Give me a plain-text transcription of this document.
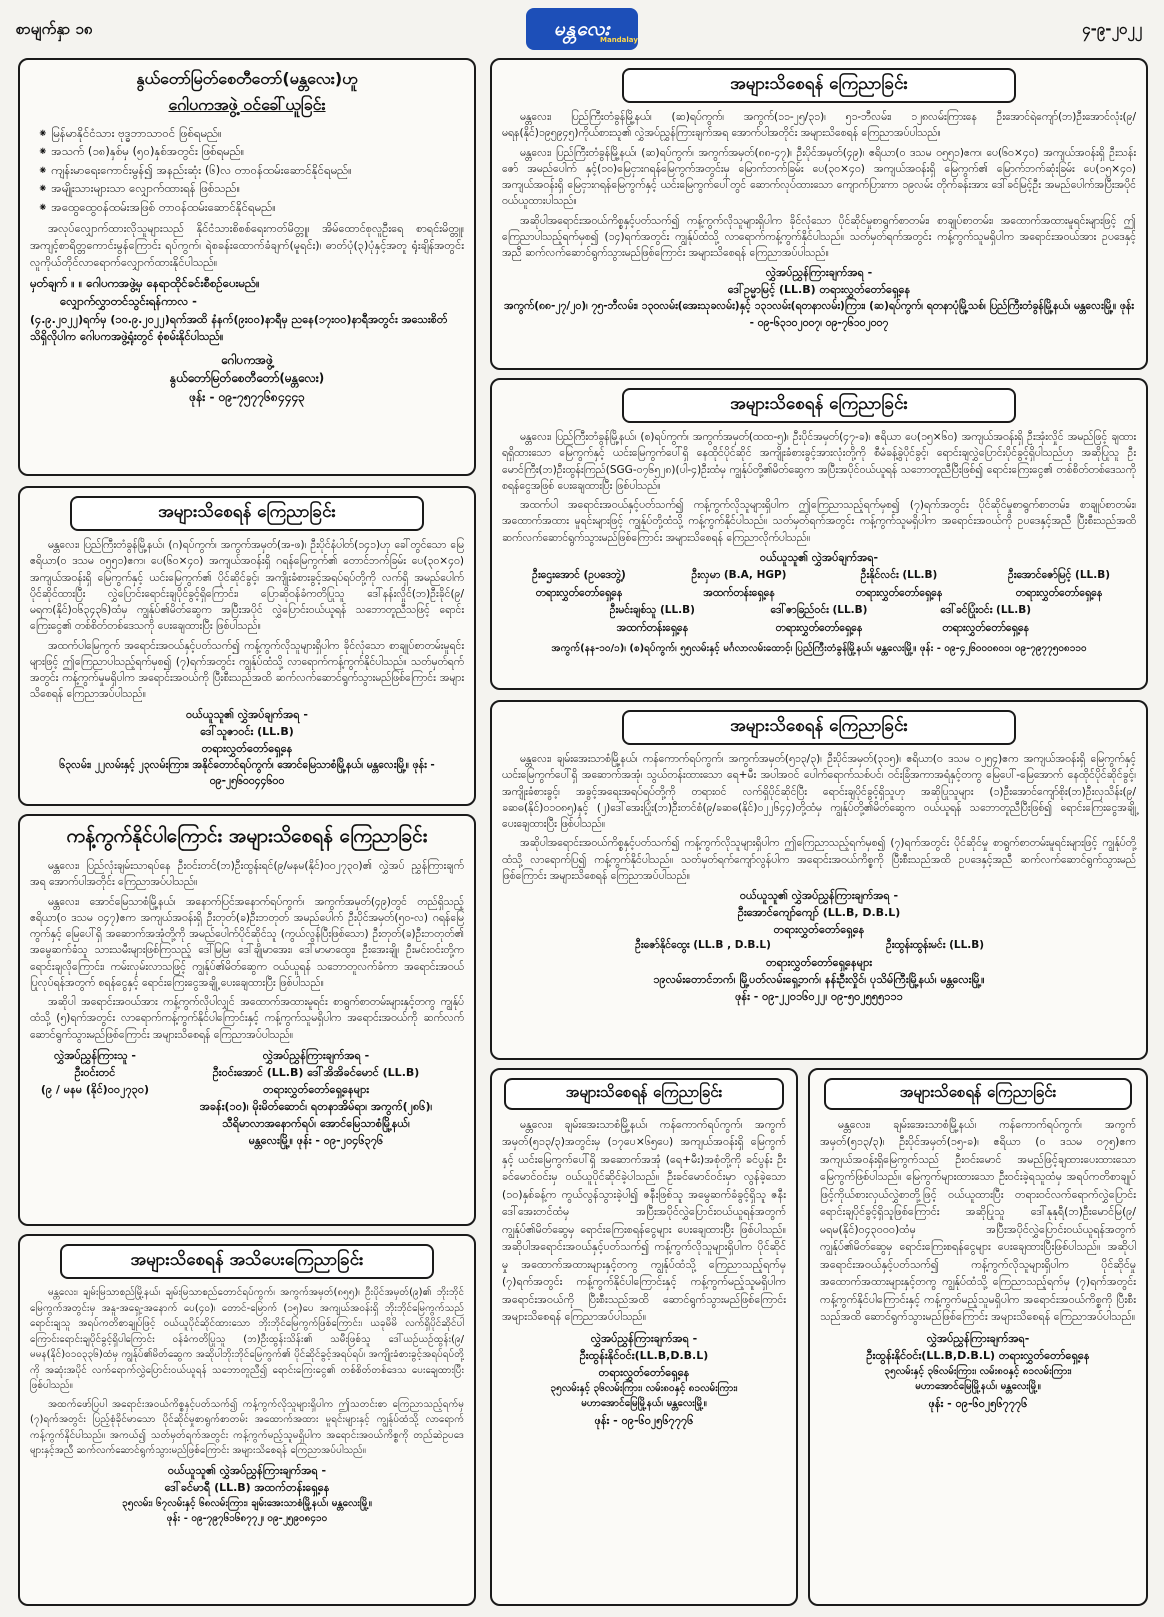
စာမျက်နှာ ၁၈	မန္တလေး
Mandalay
၄-၉-၂၀၂၂
နွယ်တော်မြတ်စေတီတော်(မန္တလေး)ဟူ
ဂေါပကအဖွဲ့ ဝင်ခေါ်ယူခြင်း

⁕ မြန်မာနိုင်ငံသား ဗုဒ္ဓဘာသာဝင် ဖြစ်ရမည်။

⁕ အသက် (၁၈)နှစ်မှ (၅၀)နှစ်အတွင်း ဖြစ်ရမည်။

⁕ ကျန်းမာရေးကောင်းမွန်၍ အနည်းဆုံး (၆)လ တာဝန်ထမ်းဆောင်နိုင်ရမည်။

⁕ အမျိုးသားများသာ လျှောက်ထားရန် ဖြစ်သည်။

⁕ အထွေထွေဝန်ထမ်းအဖြစ် တာဝန်ထမ်းဆောင်နိုင်ရမည်။

အလုပ်လျှောက်ထားလိုသူများသည် နိုင်ငံသားစိစစ်ရေးကတ်မိတ္တူ၊ အိမ်ထောင်စုလူဦးရေ စာရင်းမိတ္တူ၊ အကျင့်စာရိတ္တကောင်းမွန်ကြောင်း ရပ်ကွက်၊ ရဲစခန်းထောက်ခံချက်(မူရင်း)၊ ဓာတ်ပုံ(၃)ပုံနှင့်အတူ ရုံးချိန်အတွင်း လူကိုယ်တိုင်လာရောက်လျှောက်ထားနိုင်ပါသည်။

မှတ်ချက် ။ ။ ဂေါပကအဖွဲ့မှ နေရာထိုင်ခင်းစီစဉ်ပေးမည်။

လျှောက်လွှာတင်သွင်းရန်ကာလ -

(၄.၉.၂၀၂၂)ရက်မှ (၁၀.၉.၂၀၂၂)ရက်အထိ နံနက်(၉း၀၀)နာရီမှ ညနေ(၁၇း၀၀)နာရီအတွင်း အသေးစိတ်သိရှိလိုပါက ဂေါပကအဖွဲ့ရုံးတွင် စုံစမ်းနိုင်ပါသည်။

ဂေါပကအဖွဲ့

နွယ်တော်မြတ်စေတီတော်(မန္တလေး)

ဖုန်း - ၀၉-၇၅၇၇၆၈၄၄၄၃

အများသိစေရန် ကြေညာခြင်း

မန္တလေး၊ ပြည်ကြီးတံခွန်မြို့နယ်၊ (ဆ)ရပ်ကွက်၊ အကွက်(၁၁-၂၅/၃၁)၊ ၅၁-ဘီလမ်း၊ ၁၂၈လမ်းကြားနေ ဦးအောင်ရဲကျော်(ဘ)ဦးအောင်လုံး(၉/မရန(နိုင်)၁၉၅၉၄၅)ကိုယ်စားသူ၏ လွှဲအပ်ညွှန်ကြားချက်အရ အောက်ပါအတိုင်း အများသိစေရန် ကြေညာအပ်ပါသည်။

မန္တလေး၊ ပြည်ကြီးတံခွန်မြို့နယ်၊ (ဆ)ရပ်ကွက်၊ အကွက်အမှတ်(၈၈-၄၇)၊ ဦးပိုင်အမှတ်(၄၉)၊ ဧရိယာ(၀ ဒသမ ၀၅၅၁)ဧက၊ ပေ(၆၀×၄၀) အကျယ်အဝန်းရှိ ဦးသန်းဇော် အမည်ပေါက် နှင့်(၁၀)မြေငှားဂရန်မြေကွက်အတွင်းမှ မြောက်ဘက်ခြမ်း ပေ(၃၀×၄၀) အကျယ်အဝန်းရှိ မြေကွက်၏ မြောက်ဘက်ဆုံးခြမ်း ပေ(၁၅×၄၀) အကျယ်အဝန်းရှိ မြေငှားဂရန်မြေကွက်နှင့် ယင်းမြေကွက်ပေါ်တွင် ဆောက်လုပ်ထားသော ကျောက်ပြားကာ ၁၉လမ်း တိုက်ခန်းအား ဒေါ်ခင်မြင့်ဦး အမည်ပေါက်အပြီးအပိုင်ဝယ်ယူထားပါသည်။

အဆိုပါအရောင်းအဝယ်ကိစ္စနှင့်ပတ်သက်၍ ကန့်ကွက်လိုသူများရှိပါက ခိုင်လုံသော ပိုင်ဆိုင်မှုစာရွက်စာတမ်း၊ စာချုပ်စာတမ်း၊ အထောက်အထားမူရင်းများဖြင့် ဤကြေညာပါသည့်ရက်မှစ၍ (၁၄)ရက်အတွင်း ကျွန်ုပ်ထံသို့ လာရောက်ကန့်ကွက်နိုင်ပါသည်။ သတ်မှတ်ရက်အတွင်း ကန့်ကွက်သူမရှိပါက အရောင်းအဝယ်အား ဥပဒေနှင့်အညီ ဆက်လက်ဆောင်ရွက်သွားမည်ဖြစ်ကြောင်း အများသိစေရန် ကြေညာအပ်ပါသည်။

လွှဲအပ်ညွှန်ကြားချက်အရ -

ဒေါ်ဥမ္မာမြင့် (LL.B) တရားလွှတ်တော်ရှေ့နေ

အကွက်(၈၈-၂၇/၂၀)၊ ၇၅-ဘီလမ်း၊ ၁၃၀လမ်း(အေးသုခလမ်း)နှင့် ၁၃၁လမ်း(ရတနာလမ်း)ကြား၊ (ဆ)ရပ်ကွက်၊ ရတနာပုံမြို့သစ်၊ ပြည်ကြီးတံခွန်မြို့နယ်၊ မန္တလေးမြို့။ ဖုန်း - ၀၉-၆၃၁၀၂၀၀၇၊ ၀၉-၇၆၁၀၂၀၀၇

အများသိစေရန် ကြေညာခြင်း

မန္တလေး၊ ပြည်ကြီးတံခွန်မြို့နယ်၊ (စ)ရပ်ကွက်၊ အကွက်အမှတ်(ထထ-၅)၊ ဦးပိုင်အမှတ်(၄၇-ခ)၊ ဧရိယာ ပေ(၁၅×၆၀) အကျယ်အဝန်းရှိ ဦးအုံးလှိုင် အမည်ဖြင့် ချထားရရှိထားသော မြေကွက်နှင့် ယင်းမြေကွက်ပေါ်ရှိ နေထိုင်ပိုင်ဆိုင် အကျိုးခံစားခွင့်အားလုံးတို့ကို စီမံခန့်ခွဲပိုင်ခွင့်၊ ရောင်းချလွှဲပြောင်းပိုင်ခွင့်ရှိပါသည်ဟု အဆိုပြုသူ ဦးမောင်ကြီး(ဘ)ဦးထွန်းကြည်(SGG-၀၇၆၅၂၈)(ပါ-၄)ဦးထံမှ ကျွန်ုပ်တို့၏မိတ်ဆွေက အပြီးအပိုင်ဝယ်ယူရန် သဘောတူညီပြီးဖြစ်၍ ရောင်းကြေးငွေ၏ တစ်စိတ်တစ်ဒေသကို စရန်ငွေအဖြစ် ပေးချေထားပြီး ဖြစ်ပါသည်။

အထက်ပါ အရောင်းအဝယ်နှင့်ပတ်သက်၍ ကန့်ကွက်လိုသူများရှိပါက ဤကြေညာသည့်ရက်မှစ၍ (၇)ရက်အတွင်း ပိုင်ဆိုင်မှုစာရွက်စာတမ်း၊ စာချုပ်စာတမ်း၊ အထောက်အထား မူရင်းများဖြင့် ကျွန်ုပ်တို့ထံသို့ ကန့်ကွက်နိုင်ပါသည်။ သတ်မှတ်ရက်အတွင်း ကန့်ကွက်သူမရှိပါက အရောင်းအဝယ်ကို ဥပဒေနှင့်အညီ ပြီးစီးသည်အထိ ဆက်လက်ဆောင်ရွက်သွားမည်ဖြစ်ကြောင်း အများသိစေရန် ကြေညာလိုက်ပါသည်။

ဝယ်ယူသူ၏ လွှဲအပ်ချက်အရ-

ဦးဌေးအောင် (ဥပဒေဘွဲ့)	ဦးလှမာ (B.A, HGP)	ဦးနိုင်လင်း (LL.B)	ဦးအောင်ဇော်မြင့် (LL.B)
တရားလွှတ်တော်ရှေ့နေ	အထက်တန်းရှေ့နေ	တရားလွှတ်တော်ရှေ့နေ	တရားလွှတ်တော်ရှေ့နေ
ဦးမင်းချစ်သူ (LL.B)	ဒေါ်ဇာခြည်ဝင်း (LL.B)	ဒေါ်ခင်ပြုံးဝင်း (LL.B)
အထက်တန်းရှေ့နေ	တရားလွှတ်တော်ရှေ့နေ	တရားလွှတ်တော်ရှေ့နေ

အကွက်(နန-၁၀/၁)၊ (စ)ရပ်ကွက်၊ ၅၅လမ်းနှင့် မင်္ဂလာလမ်းထောင့်၊ ပြည်ကြီးတံခွန်မြို့နယ်၊ မန္တလေးမြို့။ ဖုန်း - ၀၉-၄၂၆၀၀၀၈၀၁၊ ၀၉-၇၉၇၇၅၀၈၁၁၀

အများသိစေရန် ကြေညာခြင်း

မန္တလေး၊ ပြည်ကြီးတံခွန်မြို့နယ်၊ (ဂ)ရပ်ကွက်၊ အကွက်အမှတ်(အ-ဖ)၊ ဦးပိုင်နံပါတ်(၁၄၁)ဟု ခေါ်တွင်သော မြေဧရိယာ(၀ ဒသမ ၀၅၅၁)ဧက၊ ပေ(၆၀×၄၀) အကျယ်အဝန်းရှိ ဂရန်မြေကွက်၏ တောင်ဘက်ခြမ်း ပေ(၃၀×၄၀) အကျယ်အဝန်းရှိ မြေကွက်နှင့် ယင်းမြေကွက်၏ ပိုင်ဆိုင်ခွင့်၊ အကျိုးခံစားခွင့်အရပ်ရပ်တို့ကို လက်ရှိ အမည်ပေါက်ပိုင်ဆိုင်ထားပြီး လွှဲပြောင်းရောင်းချပိုင်ခွင့်ရှိကြောင်း၊ ပြောဆိုဝန်ခံကတိပြုသူ ဒေါ်နန်းလှိုင်(ဘ)ဦးခိုင်(၉/မရက(နိုင်)၀၆၃၄၃၆)ထံမှ ကျွန်ုပ်၏မိတ်ဆွေက အပြီးအပိုင် လွှဲပြောင်းဝယ်ယူရန် သဘောတူညီသဖြင့် ရောင်းကြေးငွေ၏ တစ်စိတ်တစ်ဒေသကို ပေးချေထားပြီး ဖြစ်ပါသည်။

အထက်ပါမြေကွက် အရောင်းအဝယ်နှင့်ပတ်သက်၍ ကန့်ကွက်လိုသူများရှိပါက ခိုင်လုံသော စာချုပ်စာတမ်းမူရင်းများဖြင့် ဤကြေညာပါသည့်ရက်မှစ၍ (၇)ရက်အတွင်း ကျွန်ုပ်ထံသို့ လာရောက်ကန့်ကွက်နိုင်ပါသည်။ သတ်မှတ်ရက်အတွင်း ကန့်ကွက်မှုမရှိပါက အရောင်းအဝယ်ကို ပြီးစီးသည်အထိ ဆက်လက်ဆောင်ရွက်သွားမည်ဖြစ်ကြောင်း အများသိစေရန် ကြေညာအပ်ပါသည်။

ဝယ်ယူသူ၏ လွှဲအပ်ချက်အရ -

ဒေါ်သူဇာဝင်း (LL.B)

တရားလွှတ်တော်ရှေ့နေ

၆၃လမ်း၊ ၂၂လမ်းနှင့် ၂၃လမ်းကြား၊ အနိုင်တောင်ရပ်ကွက်၊ အောင်မြေသာစံမြို့နယ်၊ မန္တလေးမြို့။ ဖုန်း - ၀၉-၂၅၆၀၀၄၄၆၀၀

အများသိစေရန် ကြေညာခြင်း

မန္တလေး၊ ချမ်းအေးသာစံမြို့နယ်၊ ကန်ကောက်ရပ်ကွက်၊ အကွက်အမှတ်(၅၁၃/၃)၊ ဦးပိုင်အမှတ်(၃၁၅)၊ ဧရိယာ(၀ ဒသမ ၀၂၅၄)ဧက အကျယ်အဝန်းရှိ မြေကွက်နှင့် ယင်းမြေကွက်ပေါ်ရှိ အဆောက်အအုံ၊ သွယ်တန်းထားသော ရေ+မီး အပါအဝင် ပေါက်ရောက်သစ်ပင်၊ ဝင်းခြံအကာအရံနှင့်တကွ မြေပေါ်-မြေအောက် နေထိုင်ပိုင်ဆိုင်ခွင့်၊ အကျိုးခံစားခွင့်၊ အခွင့်အရေးအရပ်ရပ်တို့ကို တရားဝင် လက်ရှိပိုင်ဆိုင်ပြီး ရောင်းချပိုင်ခွင့်ရှိသူဟု အဆိုပြုသူများ (၁)ဦးအောင်ကျော်စိုး(ဘ)ဦးလှသိန်း(၉/ခဆဓ(နိုင်)၀၁၀၈၅)နှင့် (၂)ဒေါ်အေးပြုံး(ဘ)ဦးတင်စံ(၉/ခဆဓ(နိုင်)၀၂၂၆၄၄)တို့ထံမှ ကျွန်ုပ်တို့၏မိတ်ဆွေက ဝယ်ယူရန် သဘောတူညီပြီးဖြစ်၍ ရောင်းကြေးငွေအချို့ ပေးချေထားပြီး ဖြစ်ပါသည်။

အဆိုပါအရောင်းအဝယ်ကိစ္စနှင့်ပတ်သက်၍ ကန့်ကွက်လိုသူများရှိပါက ဤကြေညာသည့်ရက်မှစ၍ (၇)ရက်အတွင်း ပိုင်ဆိုင်မှု စာရွက်စာတမ်းမူရင်းများဖြင့် ကျွန်ုပ်တို့ထံသို့ လာရောက်ပြ၍ ကန့်ကွက်နိုင်ပါသည်။ သတ်မှတ်ရက်ကျော်လွန်ပါက အရောင်းအဝယ်ကိစ္စကို ပြီးစီးသည်အထိ ဥပဒေနှင့်အညီ ဆက်လက်ဆောင်ရွက်သွားမည်ဖြစ်ကြောင်း အများသိစေရန် ကြေညာအပ်ပါသည်။

ဝယ်ယူသူ၏ လွှဲအပ်ညွှန်ကြားချက်အရ -

ဦးအောင်ကျော်ကျော် (LL.B, D.B.L)

တရားလွှတ်တော်ရှေ့နေ

ဦးဇော်နိုင်ထွေး (LL.B , D.B.L)	ဦးထွန်းထွန်းမင်း (LL.B)

တရားလွှတ်တော်ရှေ့နေများ

၁၉လမ်းတောင်ဘက်၊ မြို့ပတ်လမ်းရှေ့ဘက်၊ နန်းဦးလှိုင်၊ ပုသိမ်ကြီးမြို့နယ်၊ မန္တလေးမြို့။

ဖုန်း - ၀၉-၂၂၀၁၆၀၂၂၊ ၀၉-၅၀၂၅၅၅၁၁၁

ကန့်ကွက်နိုင်ပါကြောင်း အများသိစေရန် ကြေညာခြင်း

မန္တလေး၊ ပြည်လုံးချမ်းသာရပ်နေ ဦးဝင်းတင်(ဘ)ဦးထွန်းရင်(၉/မနမ(နိုင်)၀၀၂၇၃၀)၏ လွှဲအပ် ညွှန်ကြားချက်အရ အောက်ပါအတိုင်း ကြေညာအပ်ပါသည်။

မန္တလေး၊ အောင်မြေသာစံမြို့နယ်၊ အနောက်ပြင်အနောက်ရပ်ကွက်၊ အကွက်အမှတ်(၄၉)တွင် တည်ရှိသည့် ဧရိယာ(၀ ဒသမ ၀၄၇)ဧက အကျယ်အဝန်းရှိ ဦးတုတ်(ခ)ဦးဘတုတ် အမည်ပေါက် ဦးပိုင်အမှတ်(၅၀-လ) ဂရန်မြေကွက်နှင့် မြေပေါ်ရှိ အဆောက်အအုံတို့ကို အမည်ပေါက်ပိုင်ဆိုင်သူ (ကွယ်လွန်ပြီးဖြစ်သော) ဦးတုတ်(ခ)ဦးဘတုတ်၏ အမွေဆက်ခံသူ သားသမီးများဖြစ်ကြသည့် ဒေါ်မြမြ၊ ဒေါ်ချိုမာအေး၊ ဒေါ်မာမာထွေး၊ ဦးအေးချို၊ ဦးမင်းဝင်းတို့က ရောင်းချလိုကြောင်း၊ ကမ်းလှမ်းလာသဖြင့် ကျွန်ုပ်၏မိတ်ဆွေက ဝယ်ယူရန် သဘောတူလက်ခံကာ အရောင်းအဝယ်ပြုလုပ်ရန်အတွက် စရန်ငွေနှင့် ရောင်းကြေးငွေအချို့ ပေးချေထားပြီး ဖြစ်ပါသည်။

အဆိုပါ အရောင်းအဝယ်အား ကန့်ကွက်လိုပါလျှင် အထောက်အထားမူရင်း စာရွက်စာတမ်းများနှင့်တကွ ကျွန်ုပ်ထံသို့ (၅)ရက်အတွင်း လာရောက်ကန့်ကွက်နိုင်ပါကြောင်းနှင့် ကန့်ကွက်သူမရှိပါက အရောင်းအဝယ်ကို ဆက်လက်ဆောင်ရွက်သွားမည်ဖြစ်ကြောင်း အများသိစေရန် ကြေညာအပ်ပါသည်။

လွှဲအပ်ညွှန်ကြားသူ -

ဦးဝင်းတင်

(၉ / မနမ (နိုင်)၀၀၂၇၃၀)

လွှဲအပ်ညွှန်ကြားချက်အရ -

ဦးဝင်းအောင် (LL.B) ဒေါ်အိအိခင်မောင် (LL.B)

တရားလွှတ်တော်ရှေ့နေများ

အခန်း(၁၀)၊ မိုးမိတ်ဆောင်၊ ရတနာအိမ်ရာ၊ အကွက်(၂၈၆)၊

သီရိမာလာအနောက်ရပ်၊ အောင်မြေသာစံမြို့နယ်၊

မန္တလေးမြို့။ ဖုန်း - ၀၉-၂၀၄၆၃၇၆

အများသိစေရန် အသိပေးကြေညာခြင်း

မန္တလေး၊ ချမ်းမြသာစည်မြို့နယ်၊ ချမ်းမြသာစည်တောင်ရပ်ကွက်၊ အကွက်အမှတ်(၈၅၅)၊ ဦးပိုင်အမှတ်(၉)၏ ဘိုးဘိုင်မြေကွက်အတွင်းမှ အနူ-အရှေ့-အနောက် ပေ(၄၀)၊ တောင်-မြောက် (၁၅)ပေ အကျယ်အဝန်းရှိ ဘိုးဘိုင်မြေကွက်သည် ရောင်းချသူ အရပ်ကတိစာချုပ်ဖြင့် ဝယ်ယူပိုင်ဆိုင်ထားသော ဘိုးဘိုင်မြေကွက်ဖြစ်ကြောင်း၊ ယခုမိမိ လက်ရှိပိုင်ဆိုင်ပါကြောင်းရောင်းချပိုင်ခွင့်ရှိပါကြောင်း ဝန်ခံကတိပြုသူ (ဘ)ဦးထွန်းသိန်း၏ သမီးဖြစ်သူ ဒေါ်ယဉ်ယဉ်ထွန်း(၉/မမန(နိုင်)၀၁၀၃၃၆)ထံမှ ကျွန်ုပ်၏မိတ်ဆွေက အဆိုပါဘိုးဘိုင်မြေကွက်၏ ပိုင်ဆိုင်ခွင့်အရပ်ရပ်၊ အကျိုးခံစားခွင့်အရပ်ရပ်တို့ကို အဆုံးအပိုင် လက်ရောက်လွှဲပြောင်းဝယ်ယူရန် သဘောတူညီ၍ ရောင်းကြေးငွေ၏ တစ်စိတ်တစ်ဒေသ ပေးချေထားပြီး ဖြစ်ပါသည်။

အထက်ဖော်ပြပါ အရောင်းအဝယ်ကိစ္စနှင့်ပတ်သက်၍ ကန့်ကွက်လိုသူများရှိပါက ဤသတင်းစာ ကြေညာသည့်ရက်မှ (၇)ရက်အတွင်း ပြည့်စုံခိုင်မာသော ပိုင်ဆိုင်မှုစာရွက်စာတမ်း အထောက်အထား မူရင်းများနှင့် ကျွန်ုပ်ထံသို့ လာရောက်ကန့်ကွက်နိုင်ပါသည်။ အကယ်၍ သတ်မှတ်ရက်အတွင်း ကန့်ကွက်မည့်သူမရှိပါက အရောင်းအဝယ်ကိစ္စကို တည်ဆဲဥပဒေများနှင့်အညီ ဆက်လက်ဆောင်ရွက်သွားမည်ဖြစ်ကြောင်း အများသိစေရန် ကြေညာအပ်ပါသည်။

ဝယ်ယူသူ၏ လွှဲအပ်ညွှန်ကြားချက်အရ -

ဒေါ်ခင်မာရီ (LL.B) အထက်တန်းရှေ့နေ

၃၅လမ်း၊ ၆၇လမ်းနှင့် ၆၈လမ်းကြား၊ ချမ်းအေးသာစံမြို့နယ်၊ မန္တလေးမြို့။

ဖုန်း - ၀၉-၇၉၇၆၁၆၈၇၇၂၊ ၀၉-၂၅၉၀၈၄၁၀

အများသိစေရန် ကြေညာခြင်း

မန္တလေး၊ ချမ်းအေးသာစံမြို့နယ်၊ ကန်ကောက်ရပ်ကွက်၊ အကွက်အမှတ်(၅၁၃/၃)အတွင်းမှ (၁၇ပေ×၆၅ပေ) အကျယ်အဝန်းရှိ မြေကွက်နှင့် ယင်းမြေကွက်ပေါ်ရှိ အဆောက်အအုံ (ရေ+မီး)အစုံတို့ကို ခင်ပွန်း ဦးခင်မောင်ဝင်းမှ ဝယ်ယူပိုင်ဆိုင်ခဲ့ပါသည်။ ဦးခင်မောင်ဝင်းမှာ လွန်ခဲ့သော (၁၀)နှစ်ခန့်က ကွယ်လွန်သွားခဲ့ပါ၍ ဇနီးဖြစ်သူ အမွေဆက်ခံခွင့်ရှိသူ ဇနီး ဒေါ်အေးတင်ထံမှ အပြီးအပိုင်လွှဲပြောင်းဝယ်ယူရန်အတွက် ကျွန်ုပ်၏မိတ်ဆွေမှ ရောင်းကြေးစရန်ငွေများ ပေးချေထားပြီး ဖြစ်ပါသည်။ အဆိုပါအရောင်းအဝယ်နှင့်ပတ်သက်၍ ကန့်ကွက်လိုသူများရှိပါက ပိုင်ဆိုင်မှု အထောက်အထားများနှင့်တကွ ကျွန်ုပ်ထံသို့ ကြေညာသည့်ရက်မှ (၇)ရက်အတွင်း ကန့်ကွက်နိုင်ပါကြောင်းနှင့် ကန့်ကွက်မည့်သူမရှိပါက အရောင်းအဝယ်ကို ပြီးစီးသည်အထိ ဆောင်ရွက်သွားမည်ဖြစ်ကြောင်း အများသိစေရန် ကြေညာအပ်ပါသည်။

လွှဲအပ်ညွှန်ကြားချက်အရ -

ဦးထွန်းနိုင်ဝင်း(LL.B,D.B.L)

တရားလွှတ်တော်ရှေ့နေ

၃၅လမ်းနှင့် ၃၆လမ်းကြား၊ လမ်း၈၀နှင့် ၈၁လမ်းကြား၊

မဟာအောင်မြေမြို့နယ်၊ မန္တလေးမြို့။

ဖုန်း - ၀၉-၆၀၂၅၆၇၇၇၆

အများသိစေရန် ကြေညာခြင်း

မန္တလေး၊ ချမ်းအေးသာစံမြို့နယ်၊ ကန်ကောက်ရပ်ကွက်၊ အကွက်အမှတ်(၅၁၃/၃)၊ ဦးပိုင်အမှတ်(၁၅-ခ)၊ ဧရိယာ (၀ ဒသမ ၀၇၅)ဧက အကျယ်အဝန်းရှိမြေကွက်သည် ဦးဝင်းမောင် အမည်ဖြင့်ချထားပေးထားသော မြေကွက်ဖြစ်ပါသည်။ မြေကွက်များထားသော ဦးဝင်းခဲ့ရသူထံမှ အရပ်ကတိစာချုပ်ဖြင့်ကိုယ်စားလှယ်လွှဲစာတို့ဖြင့် ဝယ်ယူထားပြီး တရားဝင်လက်ရောက်လွှဲပြောင်းရောင်းချပိုင်ခွင့်ရှိသူဖြစ်ကြောင်း အဆိုပြုသူ ဒေါ်နုနုရီ(ဘ)ဦးမောင်မြ(၉/မရမ(နိုင်)၀၄၃၀၀၀)ထံမှ အပြီးအပိုင်လွှဲပြောင်းဝယ်ယူရန်အတွက် ကျွန်ုပ်၏မိတ်ဆွေမှ ရောင်းကြေးစရန်ငွေများ ပေးချေထားပြီးဖြစ်ပါသည်။ အဆိုပါအရောင်းအဝယ်နှင့်ပတ်သက်၍ ကန့်ကွက်လိုသူများရှိပါက ပိုင်ဆိုင်မှု အထောက်အထားများနှင့်တကွ ကျွန်ုပ်ထံသို့ ကြေညာသည့်ရက်မှ (၇)ရက်အတွင်း ကန့်ကွက်နိုင်ပါကြောင်းနှင့် ကန့်ကွက်မည့်သူမရှိပါက အရောင်းအဝယ်ကိစ္စကို ပြီးစီးသည်အထိ ဆောင်ရွက်သွားမည်ဖြစ်ကြောင်း အများသိစေရန် ကြေညာအပ်ပါသည်။

လွှဲအပ်ညွှန်ကြားချက်အရ-

ဦးထွန်းနိုင်ဝင်း(LL.B,D.B.L) တရားလွှတ်တော်ရှေ့နေ

၃၅လမ်းနှင့် ၃၆လမ်းကြား၊ လမ်း၈၀နှင့် ၈၁လမ်းကြား၊

မဟာအောင်မြေမြို့နယ်၊ မန္တလေးမြို့။

ဖုန်း - ၀၉-၆၀၂၅၆၇၇၇၆
